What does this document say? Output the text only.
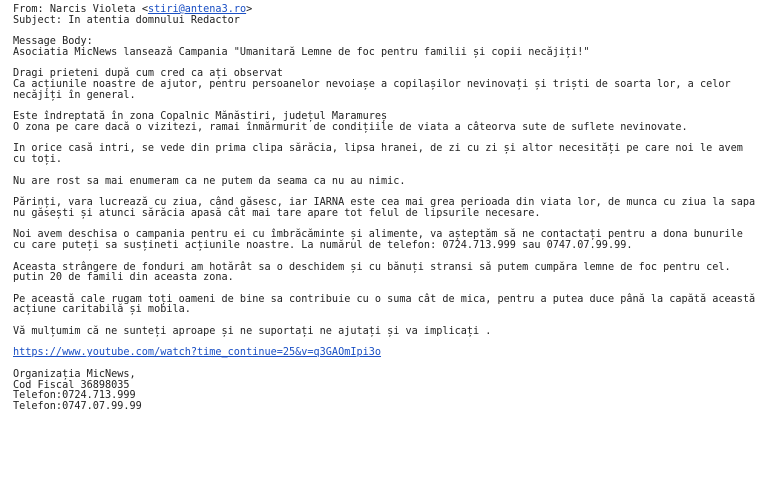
From: Narcis Violeta <stiri@antena3.ro>
Subject: In atentia domnului Redactor
Message Body:
Asociatia MicNews lansează Campania "Umanitară Lemne de foc pentru familii și copii necăjiți!"
Dragi prieteni după cum cred ca ați observat
Ca acțiunile noastre de ajutor, pentru persoanelor nevoiașe a copilașilor nevinovați și triști de soarta lor, a celor
necăjiți în general.
Este îndreptată în zona Copalnic Mănăstiri, județul Maramureș
O zona pe care dacă o vizitezi, ramai înmărmurit de condițiile de viata a câteorva sute de suflete nevinovate.
In orice casă intri, se vede din prima clipa sărăcia, lipsa hranei, de zi cu zi și altor necesități pe care noi le avem
cu toți.
Nu are rost sa mai enumeram ca ne putem da seama ca nu au nimic.
Părinți, vara lucrează cu ziua, când găsesc, iar IARNA este cea mai grea perioada din viata lor, de munca cu ziua la sapa
nu găsești și atunci sărăcia apasă cât mai tare apare tot felul de lipsurile necesare.
Noi avem deschisa o campania pentru ei cu îmbrăcăminte și alimente, va așteptăm să ne contactați pentru a dona bunurile
cu care puteți sa susțineti acțiunile noastre. La numărul de telefon: 0724.713.999 sau 0747.07.99.99.
Aceasta strângere de fonduri am hotărât sa o deschidem și cu bănuți stransi să putem cumpăra lemne de foc pentru cel.
putin 20 de famili din aceasta zona.
Pe această cale rugam toți oameni de bine sa contribuie cu o suma cât de mica, pentru a putea duce până la capătă această
acțiune caritabilă și mobila.
Vă mulțumim că ne sunteți aproape și ne suportați ne ajutați și va implicați .
https://www.youtube.com/watch?time_continue=25&v=q3GAOmIpi3o
Organizația MicNews,
Cod Fiscal 36898035
Telefon:0724.713.999
Telefon:0747.07.99.99
